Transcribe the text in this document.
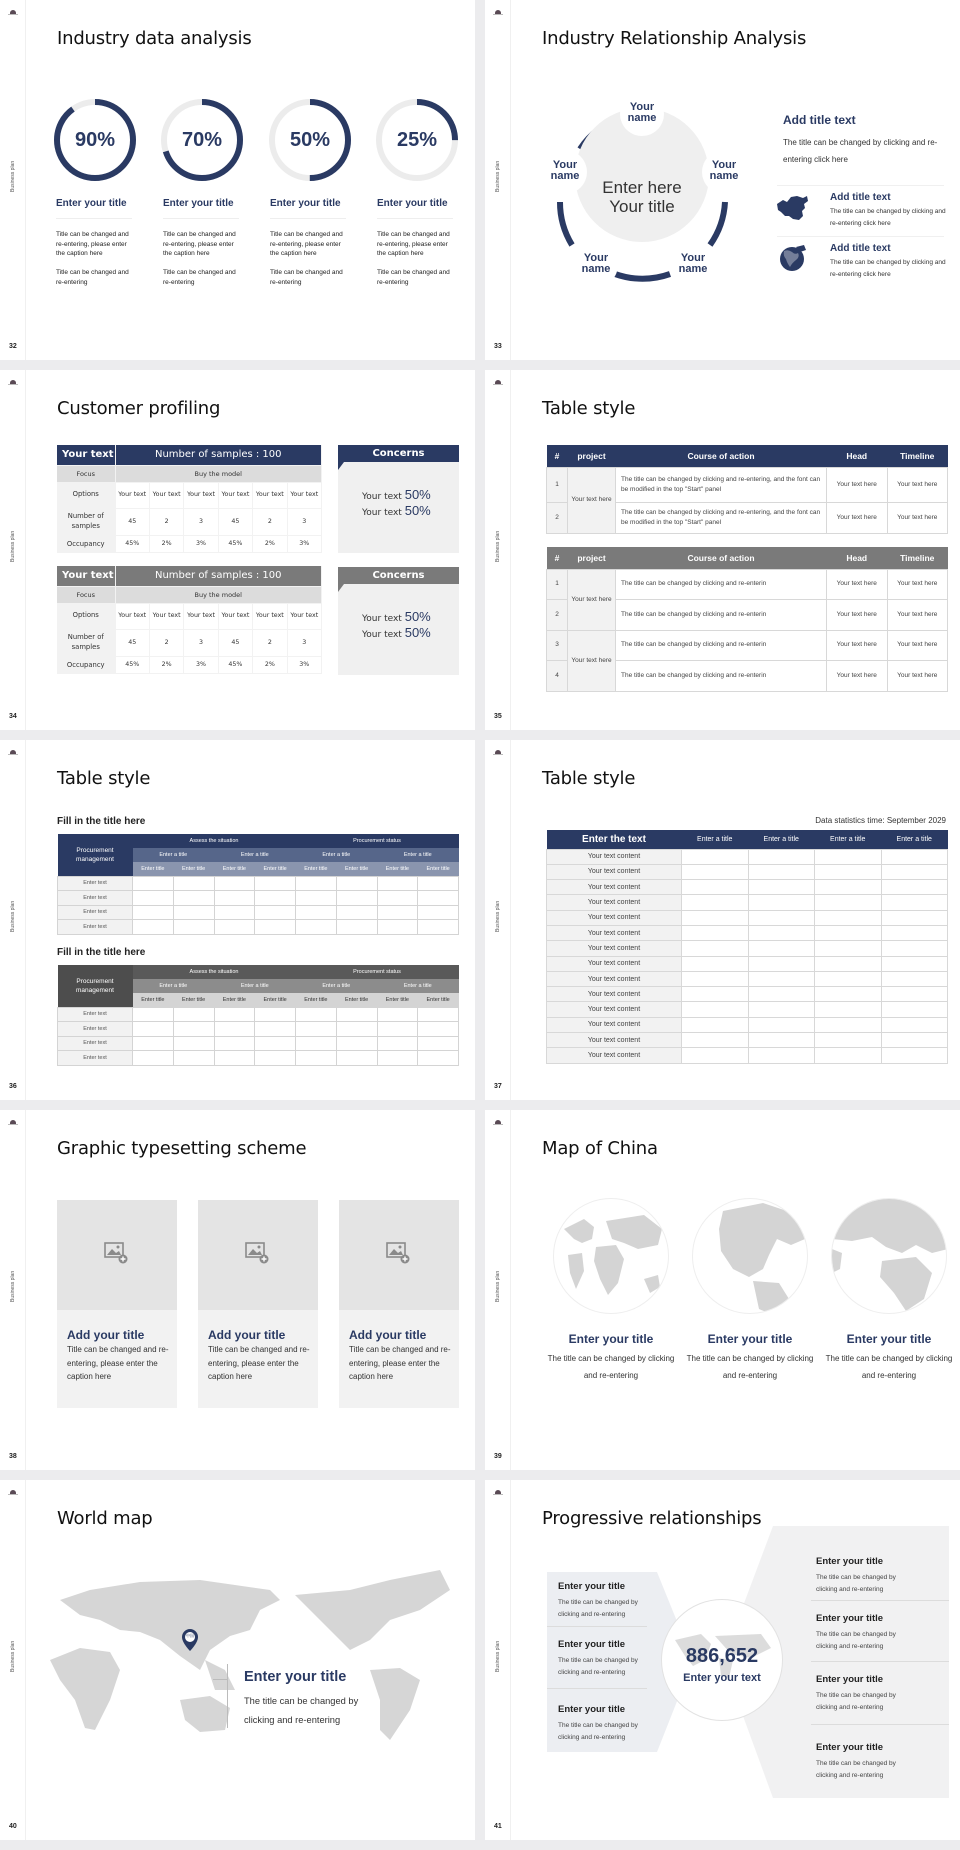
Business plan
32
Industry data analysis
90%	70%	50%	25%
Enter your title	Enter your title	Enter your title	Enter your title
Title can be changed and re-entering, please enter the caption here
Title can be changed and re-entering, please enter the caption here
Title can be changed and re-entering, please enter the caption here
Title can be changed and re-entering, please enter the caption here
Title can be changed and re-entering
Title can be changed and re-entering
Title can be changed and re-entering
Title can be changed and re-entering
Business plan
33
Industry Relationship Analysis
Enter here
Your title
Your
name
Your
name
Your
name
Your
name
Your
name
Add title text
The title can be changed by clicking and re-entering click here
Add title text
The title can be changed by clicking and re-entering click here
Add title text
The title can be changed by clicking and re-entering click here
Business plan
34
Customer profiling
Your text	Number of samples : 100					
Focus	Buy the model					
Options	Your text	Your text	Your text	Your text	Your text	Your text
Number of samples	45	2	3	45	2	3
Occupancy	45%	2%	3%	45%	2%	3%
Your text	Number of samples : 100					
Focus	Buy the model					
Options	Your text	Your text	Your text	Your text	Your text	Your text
Number of samples	45	2	3	45	2	3
Occupancy	45%	2%	3%	45%	2%	3%
Concerns
Your text 50%
Your text 50%
Concerns
Your text 50%
Your text 50%
Business plan
35
Table style
#	project	Course of action	Head	Timeline
1	Your text here	The title can be changed by clicking and re-entering, and the font can be modified in the top "Start" panel	Your text here	Your text here
2		The title can be changed by clicking and re-entering, and the font can be modified in the top "Start" panel	Your text here	Your text here
#	project	Course of action	Head	Timeline
1	Your text here	The title can be changed by clicking and re-enterin	Your text here	Your text here
2		The title can be changed by clicking and re-enterin	Your text here	Your text here
3	Your text here	The title can be changed by clicking and re-enterin	Your text here	Your text here
4		The title can be changed by clicking and re-enterin	Your text here	Your text here
Business plan
36
Table style
Fill in the title here
Procurement management	Assess the situation				Procurement status			
	Enter a title		Enter a title		Enter a title		Enter a title	
	Enter title	Enter title	Enter title	Enter title	Enter title	Enter title	Enter title	Enter title
Enter text								
Enter text								
Enter text								
Enter text								
Fill in the title here
Procurement management	Assess the situation				Procurement status			
	Enter a title		Enter a title		Enter a title		Enter a title	
	Enter title	Enter title	Enter title	Enter title	Enter title	Enter title	Enter title	Enter title
Enter text								
Enter text								
Enter text								
Enter text								
Business plan
37
Table style
Data statistics time: September 2029
Enter the text	Enter a title	Enter a title	Enter a title	Enter a title
Your text content				
Your text content				
Your text content				
Your text content				
Your text content				
Your text content				
Your text content				
Your text content				
Your text content				
Your text content				
Your text content				
Your text content				
Your text content				
Your text content				
Business plan
38
Graphic typesetting scheme
Add your title
Title can be changed and re-entering, please enter the caption here
Add your title
Title can be changed and re-entering, please enter the caption here
Add your title
Title can be changed and re-entering, please enter the caption here
Business plan
39
Map of China
Enter your title
The title can be changed by clicking and re-entering
Enter your title
The title can be changed by clicking and re-entering
Enter your title
The title can be changed by clicking and re-entering
Business plan
40
World map
中国
Enter your title
The title can be changed by clicking and re-entering
Business plan
41
Progressive relationships
886,652
Enter your text
Enter your title
The title can be changed by clicking and re-entering
Enter your title
The title can be changed by clicking and re-entering
Enter your title
The title can be changed by clicking and re-entering
Enter your title
The title can be changed by clicking and re-entering
Enter your title
The title can be changed by clicking and re-entering
Enter your title
The title can be changed by clicking and re-entering
Enter your title
The title can be changed by clicking and re-entering
